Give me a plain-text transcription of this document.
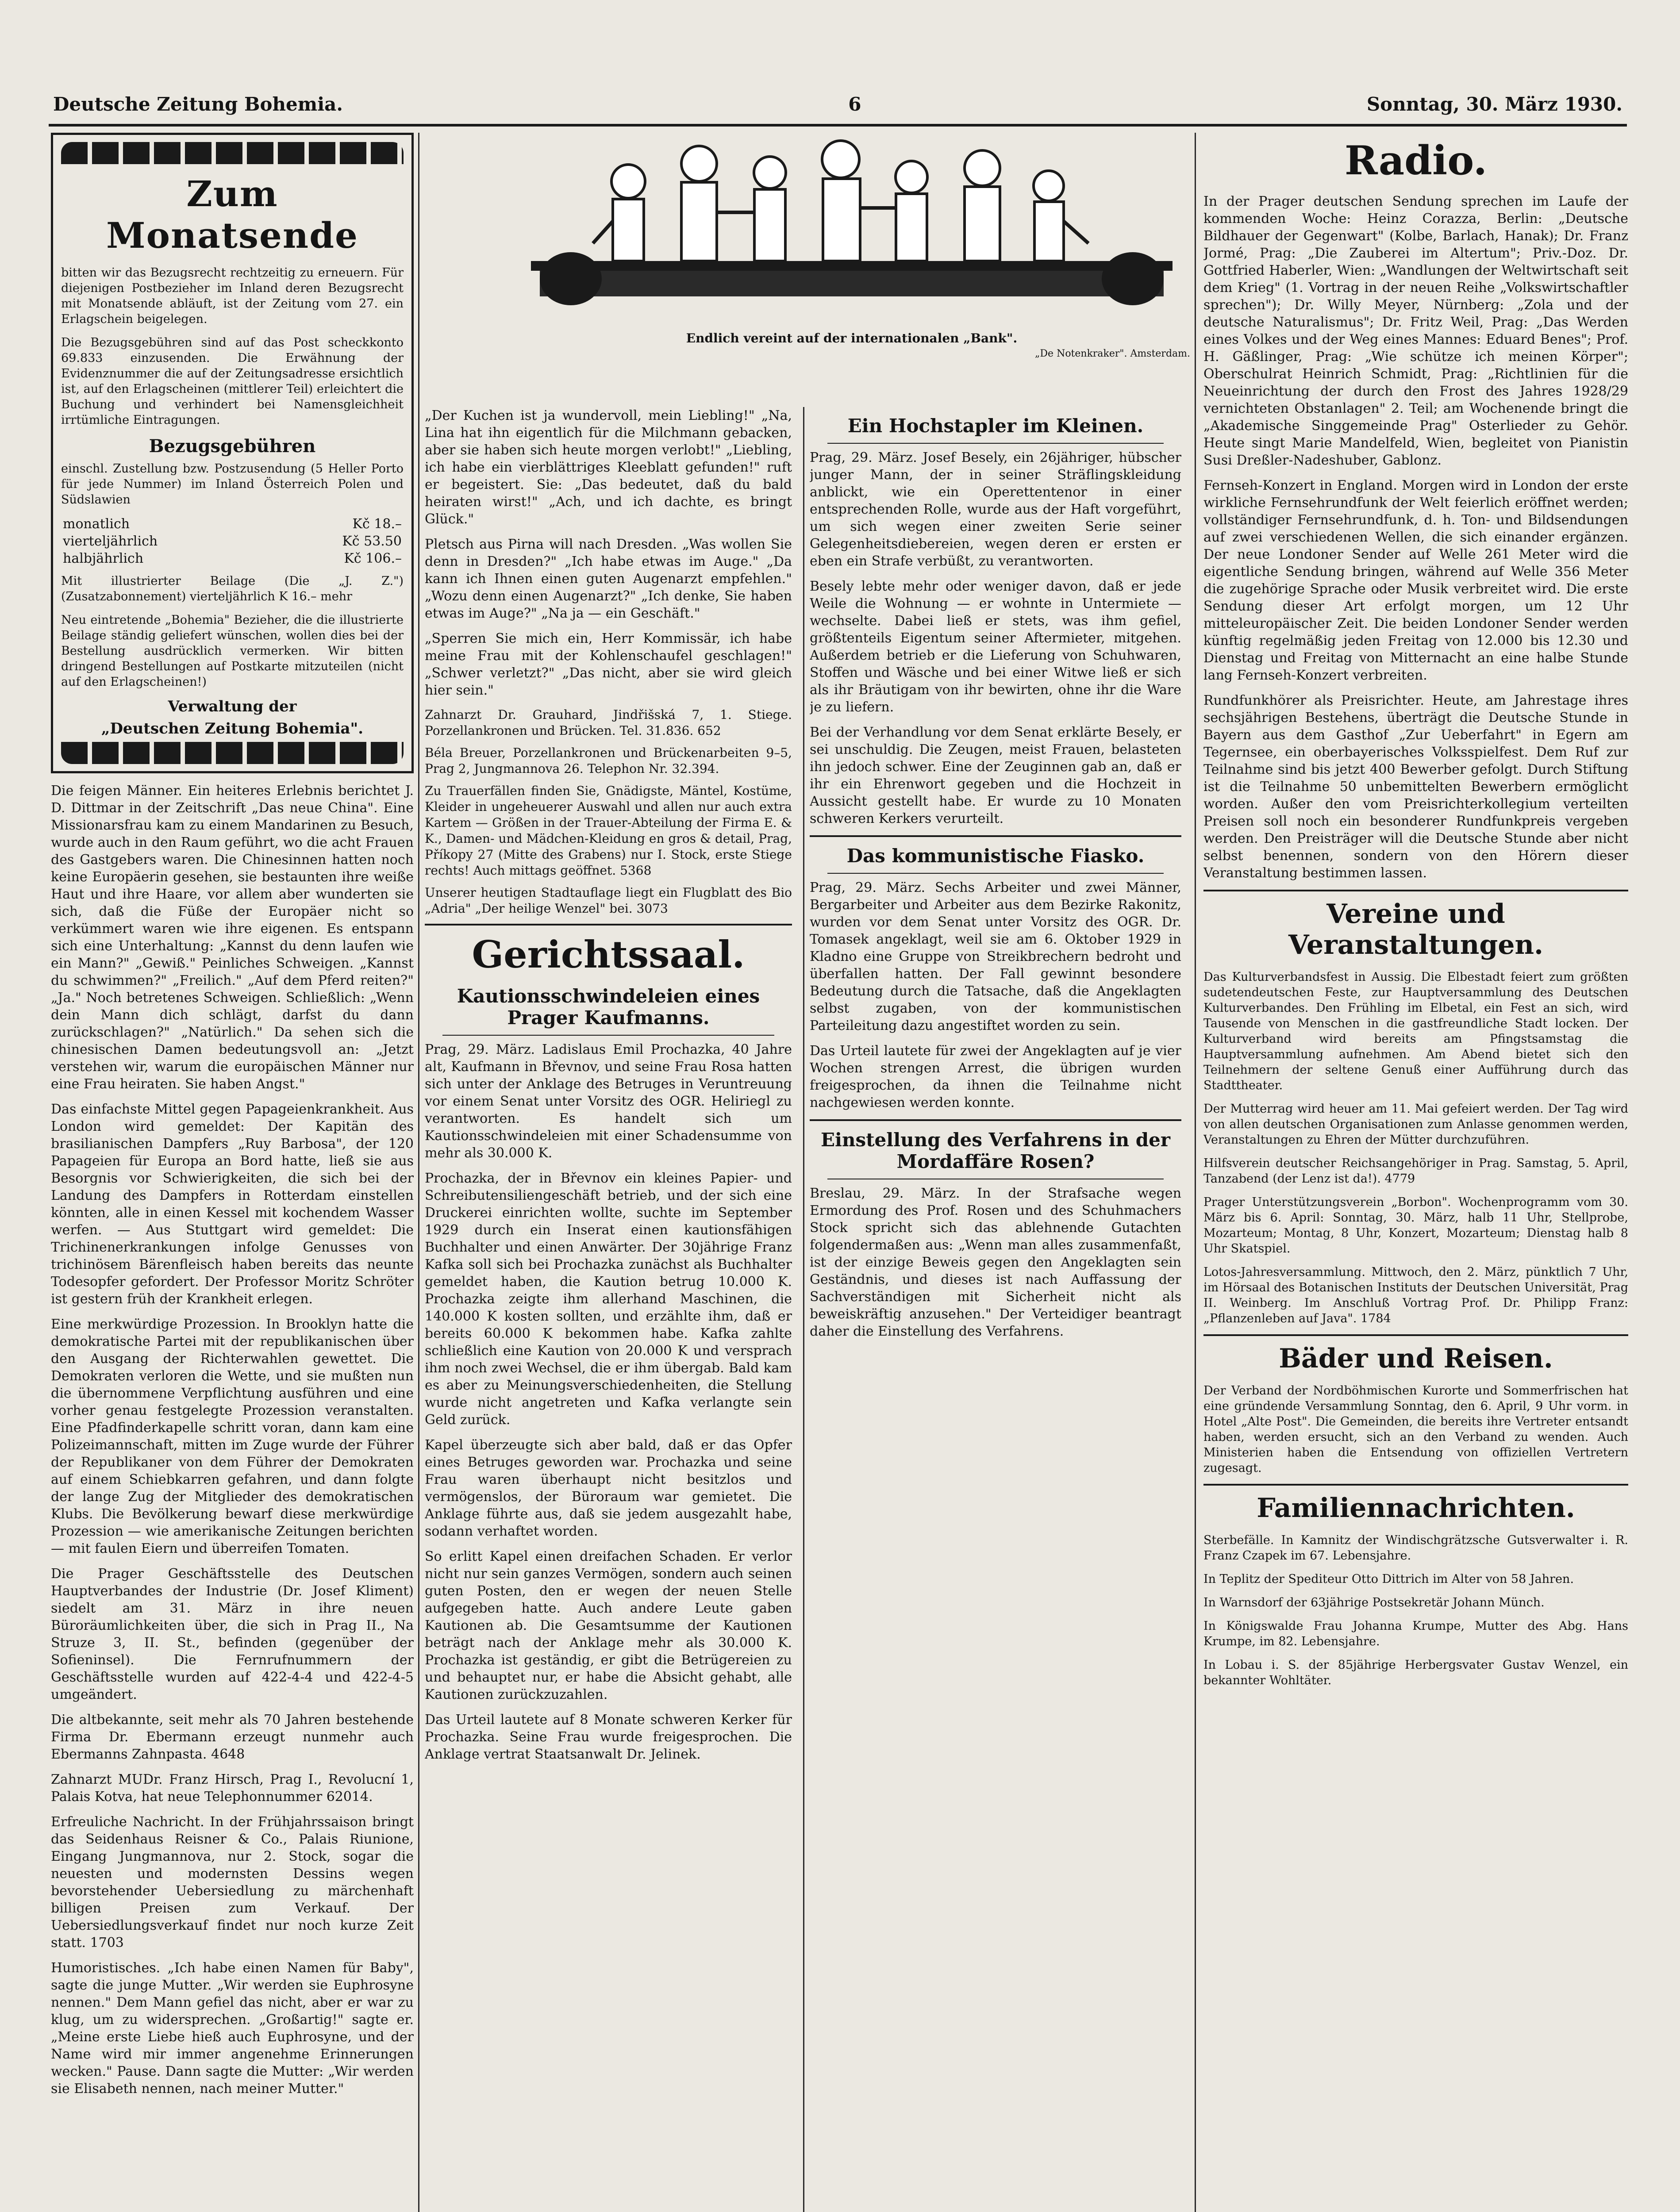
Deutsche Zeitung Bohemia.	6	Sonntag, 30. März 1930.
Zum Monatsende

bitten wir das Bezugsrecht rechtzeitig zu erneuern. Für diejenigen Postbezieher im Inland deren Bezugsrecht mit Monatsende abläuft, ist der Zeitung vom 27. ein Erlagschein beigelegen.

Die Bezugsgebühren sind auf das Post scheckkonto 69.833 einzusenden. Die Erwähnung der Evidenznummer die auf der Zeitungsadresse ersichtlich ist, auf den Erlagscheinen (mittlerer Teil) erleichtert die Buchung und verhindert bei Namensgleichheit irrtümliche Eintragungen.

Bezugsgebühren

einschl. Zustellung bzw. Postzusendung (5 Heller Porto für jede Nummer) im Inland Österreich Polen und Südslawien

monatlich	Kč 18.–
vierteljährlich	Kč 53.50
halbjährlich	Kč 106.–

Mit illustrierter Beilage (Die „J. Z.") (Zusatzabonnement) vierteljährlich K 16.– mehr

Neu eintretende „Bohemia" Bezieher, die die illustrierte Beilage ständig geliefert wünschen, wollen dies bei der Bestellung ausdrücklich vermerken. Wir bitten dringend Bestellungen auf Postkarte mitzuteilen (nicht auf den Erlagscheinen!)

Verwaltung der
„Deutschen Zeitung Bohemia".

Die feigen Männer. Ein heiteres Erlebnis berichtet J. D. Dittmar in der Zeitschrift „Das neue China". Eine Missionarsfrau kam zu einem Mandarinen zu Besuch, wurde auch in den Raum geführt, wo die acht Frauen des Gastgebers waren. Die Chinesinnen hatten noch keine Europäerin gesehen, sie bestaunten ihre weiße Haut und ihre Haare, vor allem aber wunderten sie sich, daß die Füße der Europäer nicht so verkümmert waren wie ihre eigenen. Es entspann sich eine Unterhaltung: „Kannst du denn laufen wie ein Mann?" „Gewiß." Peinliches Schweigen. „Kannst du schwimmen?" „Freilich." „Auf dem Pferd reiten?" „Ja." Noch betretenes Schweigen. Schließlich: „Wenn dein Mann dich schlägt, darfst du dann zurückschlagen?" „Natürlich." Da sehen sich die chinesischen Damen bedeutungsvoll an: „Jetzt verstehen wir, warum die europäischen Männer nur eine Frau heiraten. Sie haben Angst."

Das einfachste Mittel gegen Papageienkrankheit. Aus London wird gemeldet: Der Kapitän des brasilianischen Dampfers „Ruy Barbosa", der 120 Papageien für Europa an Bord hatte, ließ sie aus Besorgnis vor Schwierigkeiten, die sich bei der Landung des Dampfers in Rotterdam einstellen könnten, alle in einen Kessel mit kochendem Wasser werfen. — Aus Stuttgart wird gemeldet: Die Trichinenerkrankungen infolge Genusses von trichinösem Bärenfleisch haben bereits das neunte Todesopfer gefordert. Der Professor Moritz Schröter ist gestern früh der Krankheit erlegen.

Eine merkwürdige Prozession. In Brooklyn hatte die demokratische Partei mit der republikanischen über den Ausgang der Richterwahlen gewettet. Die Demokraten verloren die Wette, und sie mußten nun die übernommene Verpflichtung ausführen und eine vorher genau festgelegte Prozession veranstalten. Eine Pfadfinderkapelle schritt voran, dann kam eine Polizeimannschaft, mitten im Zuge wurde der Führer der Republikaner von dem Führer der Demokraten auf einem Schiebkarren gefahren, und dann folgte der lange Zug der Mitglieder des demokratischen Klubs. Die Bevölkerung bewarf diese merkwürdige Prozession — wie amerikanische Zeitungen berichten — mit faulen Eiern und überreifen Tomaten.

Die Prager Geschäftsstelle des Deutschen Hauptverbandes der Industrie (Dr. Josef Kliment) siedelt am 31. März in ihre neuen Büroräumlichkeiten über, die sich in Prag II., Na Struze 3, II. St., befinden (gegenüber der Sofieninsel). Die Fernrufnummern der Geschäftsstelle wurden auf 422-4-4 und 422-4-5 umgeändert.

Die altbekannte, seit mehr als 70 Jahren bestehende Firma Dr. Ebermann erzeugt nunmehr auch Ebermanns Zahnpasta. 4648

Zahnarzt MUDr. Franz Hirsch, Prag I., Revolucní 1, Palais Kotva, hat neue Telephonnummer 62014.

Erfreuliche Nachricht. In der Frühjahrssaison bringt das Seidenhaus Reisner & Co., Palais Riunione, Eingang Jungmannova, nur 2. Stock, sogar die neuesten und modernsten Dessins wegen bevorstehender Uebersiedlung zu märchenhaft billigen Preisen zum Verkauf. Der Uebersiedlungsverkauf findet nur noch kurze Zeit statt. 1703

Humoristisches. „Ich habe einen Namen für Baby", sagte die junge Mutter. „Wir werden sie Euphrosyne nennen." Dem Mann gefiel das nicht, aber er war zu klug, um zu widersprechen. „Großartig!" sagte er. „Meine erste Liebe hieß auch Euphrosyne, und der Name wird mir immer angenehme Erinnerungen wecken." Pause. Dann sagte die Mutter: „Wir werden sie Elisabeth nennen, nach meiner Mutter."

Endlich vereint auf der internationalen „Bank".
„De Notenkraker". Amsterdam.

„Der Kuchen ist ja wundervoll, mein Liebling!" „Na, Lina hat ihn eigentlich für die Milchmann gebacken, aber sie haben sich heute morgen verlobt!" „Liebling, ich habe ein vierblättriges Kleeblatt gefunden!" ruft er begeistert. Sie: „Das bedeutet, daß du bald heiraten wirst!" „Ach, und ich dachte, es bringt Glück."

Pletsch aus Pirna will nach Dresden. „Was wollen Sie denn in Dresden?" „Ich habe etwas im Auge." „Da kann ich Ihnen einen guten Augenarzt empfehlen." „Wozu denn einen Augenarzt?" „Ich denke, Sie haben etwas im Auge?" „Na ja — ein Geschäft."

„Sperren Sie mich ein, Herr Kommissär, ich habe meine Frau mit der Kohlenschaufel geschlagen!" „Schwer verletzt?" „Das nicht, aber sie wird gleich hier sein."

Zahnarzt Dr. Grauhard, Jindřišská 7, 1. Stiege. Porzellankronen und Brücken. Tel. 31.836. 652
Béla Breuer, Porzellankronen und Brückenarbeiten 9–5, Prag 2, Jungmannova 26. Telephon Nr. 32.394.
Zu Trauerfällen finden Sie, Gnädigste, Mäntel, Kostüme, Kleider in ungeheuerer Auswahl und allen nur auch extra Kartem — Größen in der Trauer-Abteilung der Firma E. & K., Damen- und Mädchen-Kleidung en gros & detail, Prag, Příkopy 27 (Mitte des Grabens) nur I. Stock, erste Stiege rechts! Auch mittags geöffnet. 5368
Unserer heutigen Stadtauflage liegt ein Flugblatt des Bio „Adria" „Der heilige Wenzel" bei. 3073
Gerichtssaal.
Kautionsschwindeleien eines Prager Kaufmanns.

Prag, 29. März. Ladislaus Emil Prochazka, 40 Jahre alt, Kaufmann in Břevnov, und seine Frau Rosa hatten sich unter der Anklage des Betruges in Veruntreuung vor einem Senat unter Vorsitz des OGR. Heliriegl zu verantworten. Es handelt sich um Kautionsschwindeleien mit einer Schadensumme von mehr als 30.000 K.

Prochazka, der in Břevnov ein kleines Papier- und Schreibutensiliengeschäft betrieb, und der sich eine Druckerei einrichten wollte, suchte im September 1929 durch ein Inserat einen kautionsfähigen Buchhalter und einen Anwärter. Der 30jährige Franz Kafka soll sich bei Prochazka zunächst als Buchhalter gemeldet haben, die Kaution betrug 10.000 K. Prochazka zeigte ihm allerhand Maschinen, die 140.000 K kosten sollten, und erzählte ihm, daß er bereits 60.000 K bekommen habe. Kafka zahlte schließlich eine Kaution von 20.000 K und versprach ihm noch zwei Wechsel, die er ihm übergab. Bald kam es aber zu Meinungsverschiedenheiten, die Stellung wurde nicht angetreten und Kafka verlangte sein Geld zurück.

Kapel überzeugte sich aber bald, daß er das Opfer eines Betruges geworden war. Prochazka und seine Frau waren überhaupt nicht besitzlos und vermögenslos, der Büroraum war gemietet. Die Anklage führte aus, daß sie jedem ausgezahlt habe, sodann verhaftet worden.

So erlitt Kapel einen dreifachen Schaden. Er verlor nicht nur sein ganzes Vermögen, sondern auch seinen guten Posten, den er wegen der neuen Stelle aufgegeben hatte. Auch andere Leute gaben Kautionen ab. Die Gesamtsumme der Kautionen beträgt nach der Anklage mehr als 30.000 K. Prochazka ist geständig, er gibt die Betrügereien zu und behauptet nur, er habe die Absicht gehabt, alle Kautionen zurückzuzahlen.

Das Urteil lautete auf 8 Monate schweren Kerker für Prochazka. Seine Frau wurde freigesprochen. Die Anklage vertrat Staatsanwalt Dr. Jelinek.

Ein Hochstapler im Kleinen.

Prag, 29. März. Josef Besely, ein 26jähriger, hübscher junger Mann, der in seiner Sträflingskleidung anblickt, wie ein Operettentenor in einer entsprechenden Rolle, wurde aus der Haft vorgeführt, um sich wegen einer zweiten Serie seiner Gelegenheitsdiebereien, wegen deren er ersten er eben ein Strafe verbüßt, zu verantworten.

Besely lebte mehr oder weniger davon, daß er jede Weile die Wohnung — er wohnte in Untermiete — wechselte. Dabei ließ er stets, was ihm gefiel, größtenteils Eigentum seiner Aftermieter, mitgehen. Außerdem betrieb er die Lieferung von Schuhwaren, Stoffen und Wäsche und bei einer Witwe ließ er sich als ihr Bräutigam von ihr bewirten, ohne ihr die Ware je zu liefern.

Bei der Verhandlung vor dem Senat erklärte Besely, er sei unschuldig. Die Zeugen, meist Frauen, belasteten ihn jedoch schwer. Eine der Zeuginnen gab an, daß er ihr ein Ehrenwort gegeben und die Hochzeit in Aussicht gestellt habe. Er wurde zu 10 Monaten schweren Kerkers verurteilt.

Das kommunistische Fiasko.

Prag, 29. März. Sechs Arbeiter und zwei Männer, Bergarbeiter und Arbeiter aus dem Bezirke Rakonitz, wurden vor dem Senat unter Vorsitz des OGR. Dr. Tomasek angeklagt, weil sie am 6. Oktober 1929 in Kladno eine Gruppe von Streikbrechern bedroht und überfallen hatten. Der Fall gewinnt besondere Bedeutung durch die Tatsache, daß die Angeklagten selbst zugaben, von der kommunistischen Parteileitung dazu angestiftet worden zu sein.

Das Urteil lautete für zwei der Angeklagten auf je vier Wochen strengen Arrest, die übrigen wurden freigesprochen, da ihnen die Teilnahme nicht nachgewiesen werden konnte.

Einstellung des Verfahrens in der Mordaffäre Rosen?

Breslau, 29. März. In der Strafsache wegen Ermordung des Prof. Rosen und des Schuhmachers Stock spricht sich das ablehnende Gutachten folgendermaßen aus: „Wenn man alles zusammenfaßt, ist der einzige Beweis gegen den Angeklagten sein Geständnis, und dieses ist nach Auffassung der Sachverständigen mit Sicherheit nicht als beweiskräftig anzusehen." Der Verteidiger beantragt daher die Einstellung des Verfahrens.

Radio.

In der Prager deutschen Sendung sprechen im Laufe der kommenden Woche: Heinz Corazza, Berlin: „Deutsche Bildhauer der Gegenwart" (Kolbe, Barlach, Hanak); Dr. Franz Jormé, Prag: „Die Zauberei im Altertum"; Priv.-Doz. Dr. Gottfried Haberler, Wien: „Wandlungen der Weltwirtschaft seit dem Krieg" (1. Vortrag in der neuen Reihe „Volkswirtschaftler sprechen"); Dr. Willy Meyer, Nürnberg: „Zola und der deutsche Naturalismus"; Dr. Fritz Weil, Prag: „Das Werden eines Volkes und der Weg eines Mannes: Eduard Benes"; Prof. H. Gäßlinger, Prag: „Wie schütze ich meinen Körper"; Oberschulrat Heinrich Schmidt, Prag: „Richtlinien für die Neueinrichtung der durch den Frost des Jahres 1928/29 vernichteten Obstanlagen" 2. Teil; am Wochenende bringt die „Akademische Singgemeinde Prag" Osterlieder zu Gehör. Heute singt Marie Mandelfeld, Wien, begleitet von Pianistin Susi Dreßler-Nadeshuber, Gablonz.

Fernseh-Konzert in England. Morgen wird in London der erste wirkliche Fernsehrundfunk der Welt feierlich eröffnet werden; vollständiger Fernsehrundfunk, d. h. Ton- und Bildsendungen auf zwei verschiedenen Wellen, die sich einander ergänzen. Der neue Londoner Sender auf Welle 261 Meter wird die eigentliche Sendung bringen, während auf Welle 356 Meter die zugehörige Sprache oder Musik verbreitet wird. Die erste Sendung dieser Art erfolgt morgen, um 12 Uhr mitteleuropäischer Zeit. Die beiden Londoner Sender werden künftig regelmäßig jeden Freitag von 12.000 bis 12.30 und Dienstag und Freitag von Mitternacht an eine halbe Stunde lang Fernseh-Konzert verbreiten.

Rundfunkhörer als Preisrichter. Heute, am Jahrestage ihres sechsjährigen Bestehens, überträgt die Deutsche Stunde in Bayern aus dem Gasthof „Zur Ueberfahrt" in Egern am Tegernsee, ein oberbayerisches Volksspielfest. Dem Ruf zur Teilnahme sind bis jetzt 400 Bewerber gefolgt. Durch Stiftung ist die Teilnahme 50 unbemittelten Bewerbern ermöglicht worden. Außer den vom Preisrichterkollegium verteilten Preisen soll noch ein besonderer Rundfunkpreis vergeben werden. Den Preisträger will die Deutsche Stunde aber nicht selbst benennen, sondern von den Hörern dieser Veranstaltung bestimmen lassen.

Vereine und Veranstaltungen.

Das Kulturverbandsfest in Aussig. Die Elbestadt feiert zum größten sudetendeutschen Feste, zur Hauptversammlung des Deutschen Kulturverbandes. Den Frühling im Elbetal, ein Fest an sich, wird Tausende von Menschen in die gastfreundliche Stadt locken. Der Kulturverband wird bereits am Pfingstsamstag die Hauptversammlung aufnehmen. Am Abend bietet sich den Teilnehmern der seltene Genuß einer Aufführung durch das Stadttheater.

Der Mutterrag wird heuer am 11. Mai gefeiert werden. Der Tag wird von allen deutschen Organisationen zum Anlasse genommen werden, Veranstaltungen zu Ehren der Mütter durchzuführen.

Hilfsverein deutscher Reichsangehöriger in Prag. Samstag, 5. April, Tanzabend (der Lenz ist da!). 4779

Prager Unterstützungsverein „Borbon". Wochenprogramm vom 30. März bis 6. April: Sonntag, 30. März, halb 11 Uhr, Stellprobe, Mozarteum; Montag, 8 Uhr, Konzert, Mozarteum; Dienstag halb 8 Uhr Skatspiel.

Lotos-Jahresversammlung. Mittwoch, den 2. März, pünktlich 7 Uhr, im Hörsaal des Botanischen Instituts der Deutschen Universität, Prag II. Weinberg. Im Anschluß Vortrag Prof. Dr. Philipp Franz: „Pflanzenleben auf Java". 1784

Bäder und Reisen.

Der Verband der Nordböhmischen Kurorte und Sommerfrischen hat eine gründende Versammlung Sonntag, den 6. April, 9 Uhr vorm. in Hotel „Alte Post". Die Gemeinden, die bereits ihre Vertreter entsandt haben, werden ersucht, sich an den Verband zu wenden. Auch Ministerien haben die Entsendung von offiziellen Vertretern zugesagt.

Familiennachrichten.

Sterbefälle. In Kamnitz der Windischgrätzsche Gutsverwalter i. R. Franz Czapek im 67. Lebensjahre.

In Teplitz der Spediteur Otto Dittrich im Alter von 58 Jahren.

In Warnsdorf der 63jährige Postsekretär Johann Münch.

In Königswalde Frau Johanna Krumpe, Mutter des Abg. Hans Krumpe, im 82. Lebensjahre.

In Lobau i. S. der 85jährige Herbergsvater Gustav Wenzel, ein bekannter Wohltäter.
